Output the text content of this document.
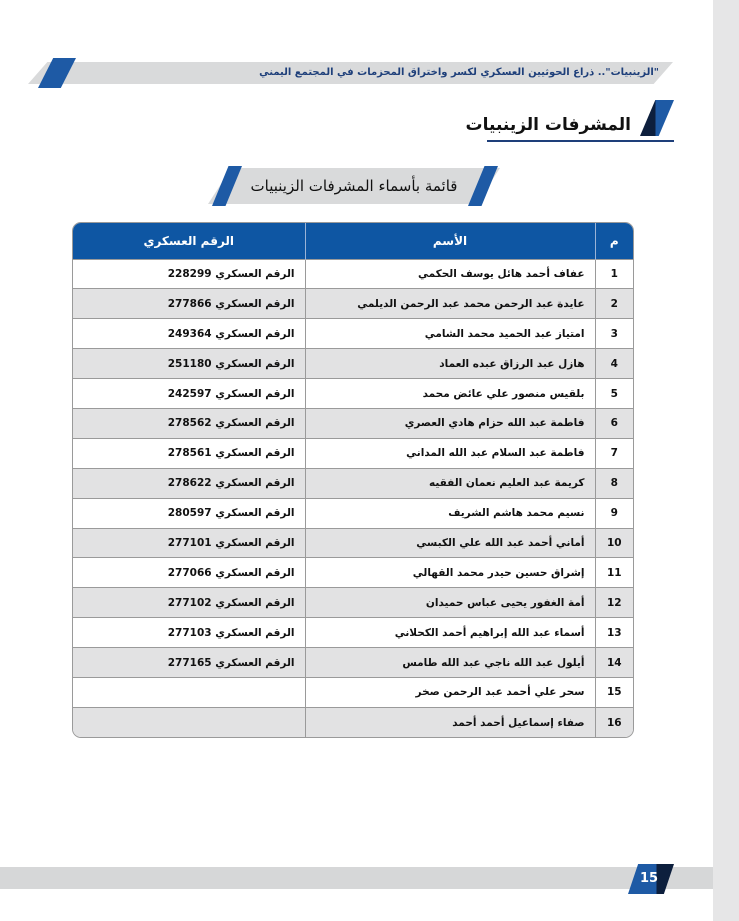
"الزينبيات".. ذراع الحوثيين العسكري لكسر واختراق المحزمات في المجتمع اليمني
المشرفات الزينبيات
قائمة بأسماء المشرفات الزينبيات
م	الأسم	الرقم العسكري
1	عفاف أحمد هائل يوسف الحكمي	الرقم العسكري 228299
2	عايدة عبد الرحمن محمد عبد الرحمن الديلمي	الرقم العسكري 277866
3	امتياز عبد الحميد محمد الشامي	الرقم العسكري 249364
4	هازل عبد الرزاق عبده العماد	الرقم العسكري 251180
5	بلقيس منصور علي عائض محمد	الرقم العسكري 242597
6	فاطمة عبد الله حزام هادي العصري	الرقم العسكري 278562
7	فاطمة عبد السلام عبد الله المداني	الرقم العسكري 278561
8	كريمة عبد العليم نعمان الفقيه	الرقم العسكري 278622
9	نسيم محمد هاشم الشريف	الرقم العسكري 280597
10	أماني أحمد عبد الله علي الكبسي	الرقم العسكري 277101
11	إشراق حسين حيدر محمد القهالي	الرقم العسكري 277066
12	أمة الغفور يحيى عباس حميدان	الرقم العسكري 277102
13	أسماء عبد الله إبراهيم أحمد الكحلاني	الرقم العسكري 277103
14	أيلول عبد الله ناجي عبد الله طامس	الرقم العسكري 277165
15	سحر علي أحمد عبد الرحمن صخر	
16	صفاء إسماعيل أحمد أحمد	
15
